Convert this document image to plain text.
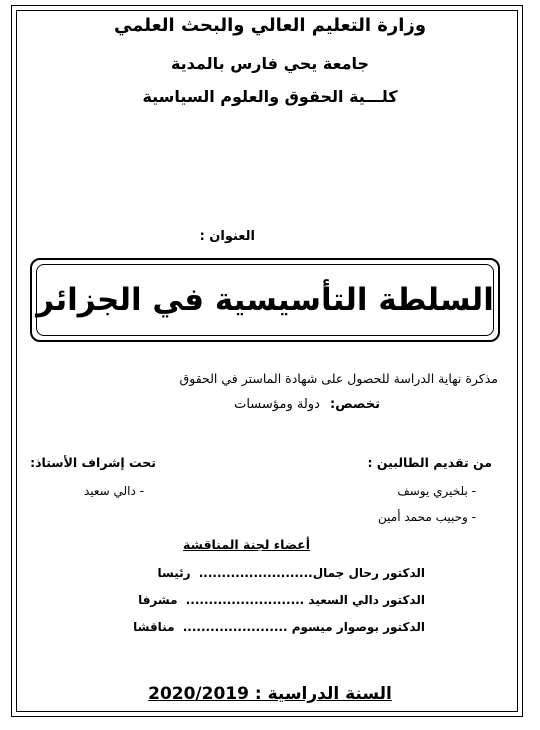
وزارة التعليم العالي والبحث العلمي
جامعة يحي فارس بالمدية
كلـــية الحقوق والعلوم السياسية
العنوان :
السلطة التأسيسية في الجزائر
مذكرة نهاية الدراسة للحصول على شهادة الماستر في الحقوق
تخصص: دولة ومؤسسات
من تقديم الطالبين :
- بلخيري يوسف
- وحبيب محمد أمين
تحت إشراف الأستاذ:
- دالي سعيد
أعضاء لجنة المناقشة
الدكتور رحال جمال......................... رئيسا
الدكتور دالي السعيد .......................... مشرفا
الدكتور بوصوار ميسوم ....................... مناقشا
السنة الدراسية : 2020/2019
